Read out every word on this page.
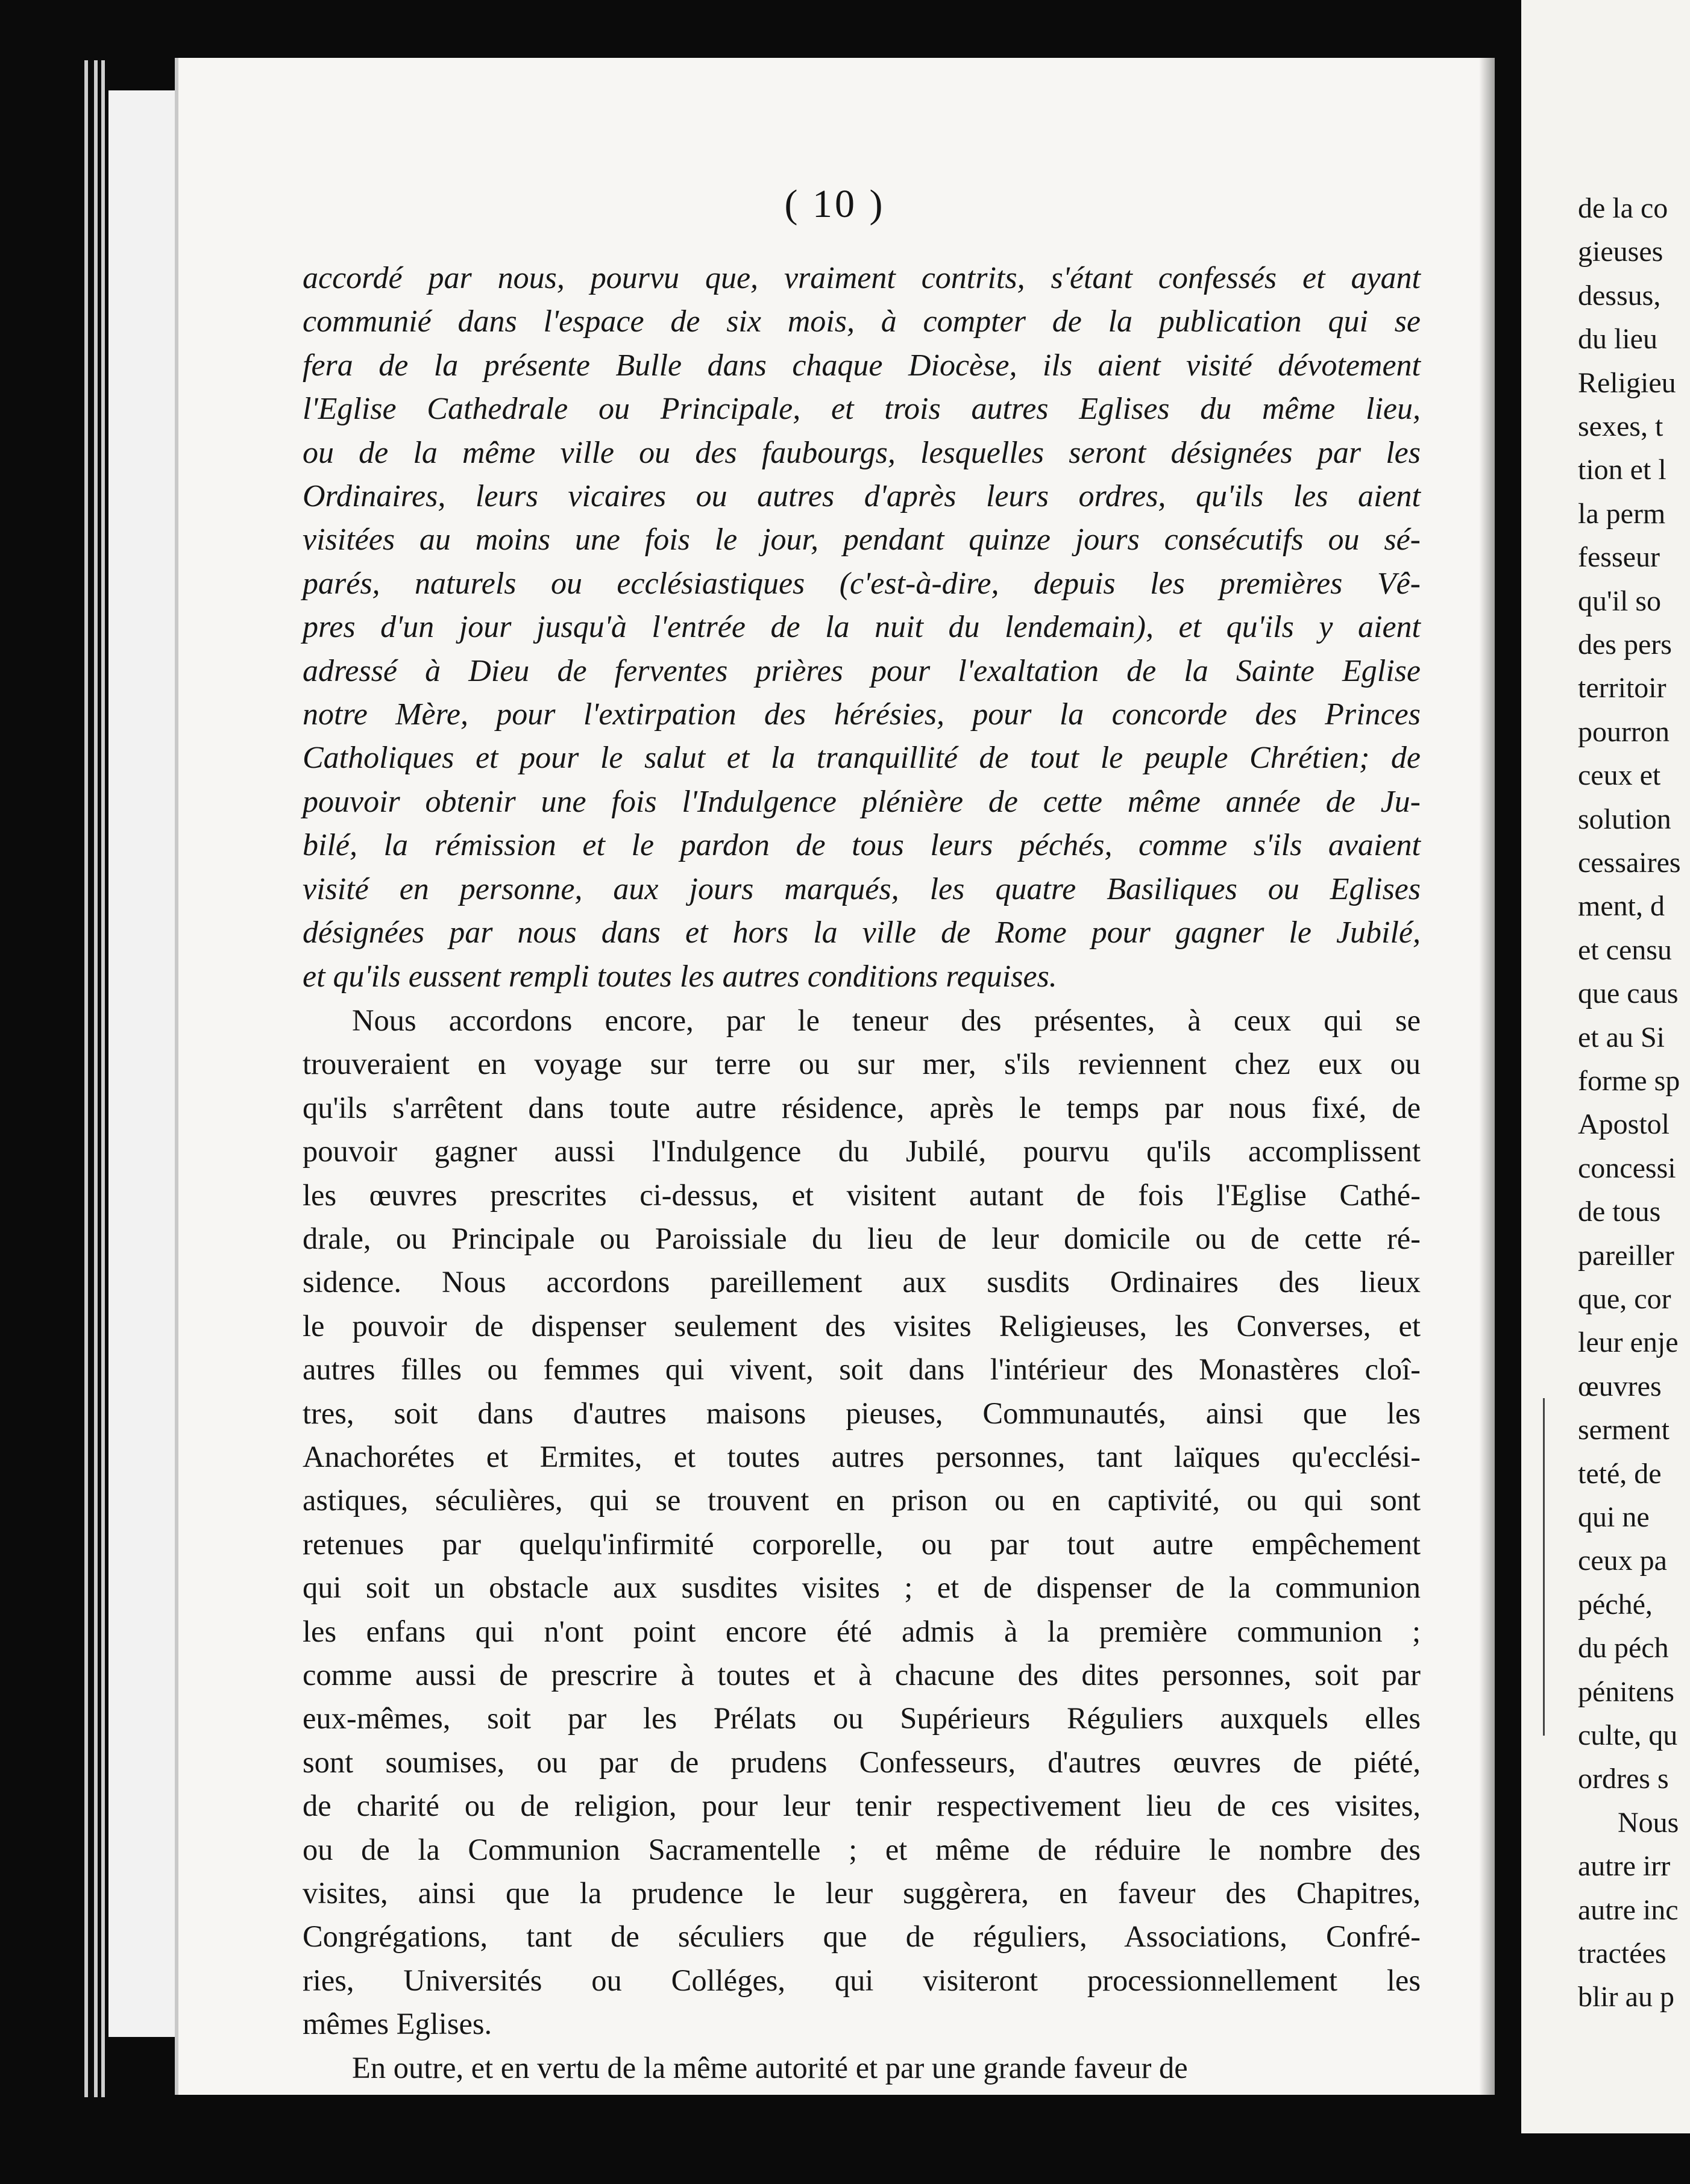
( 10 )
accordé par nous, pourvu que, vraiment contrits, s'étant confessés et ayant
communié dans l'espace de six mois, à compter de la publication qui se
fera de la présente Bulle dans chaque Diocèse, ils aient visité dévotement
l'Eglise Cathedrale ou Principale, et trois autres Eglises du même lieu,
ou de la même ville ou des faubourgs, lesquelles seront désignées par les
Ordinaires, leurs vicaires ou autres d'après leurs ordres, qu'ils les aient
visitées au moins une fois le jour, pendant quinze jours consécutifs ou sé-
parés, naturels ou ecclésiastiques (c'est-à-dire, depuis les premières Vê-
pres d'un jour jusqu'à l'entrée de la nuit du lendemain), et qu'ils y aient
adressé à Dieu de ferventes prières pour l'exaltation de la Sainte Eglise
notre Mère, pour l'extirpation des hérésies, pour la concorde des Princes
Catholiques et pour le salut et la tranquillité de tout le peuple Chrétien; de
pouvoir obtenir une fois l'Indulgence plénière de cette même année de Ju-
bilé, la rémission et le pardon de tous leurs péchés, comme s'ils avaient
visité en personne, aux jours marqués, les quatre Basiliques ou Eglises
désignées par nous dans et hors la ville de Rome pour gagner le Jubilé,
et qu'ils eussent rempli toutes les autres conditions requises.
Nous accordons encore, par le teneur des présentes, à ceux qui se
trouveraient en voyage sur terre ou sur mer, s'ils reviennent chez eux ou
qu'ils s'arrêtent dans toute autre résidence, après le temps par nous fixé, de
pouvoir gagner aussi l'Indulgence du Jubilé, pourvu qu'ils accomplissent
les œuvres prescrites ci-dessus, et visitent autant de fois l'Eglise Cathé-
drale, ou Principale ou Paroissiale du lieu de leur domicile ou de cette ré-
sidence. Nous accordons pareillement aux susdits Ordinaires des lieux
le pouvoir de dispenser seulement des visites Religieuses, les Converses, et
autres filles ou femmes qui vivent, soit dans l'intérieur des Monastères cloî-
tres, soit dans d'autres maisons pieuses, Communautés, ainsi que les
Anachorétes et Ermites, et toutes autres personnes, tant laïques qu'ecclési-
astiques, séculières, qui se trouvent en prison ou en captivité, ou qui sont
retenues par quelqu'infirmité corporelle, ou par tout autre empêchement
qui soit un obstacle aux susdites visites ; et de dispenser de la communion
les enfans qui n'ont point encore été admis à la première communion ;
comme aussi de prescrire à toutes et à chacune des dites personnes, soit par
eux-mêmes, soit par les Prélats ou Supérieurs Réguliers auxquels elles
sont soumises, ou par de prudens Confesseurs, d'autres œuvres de piété,
de charité ou de religion, pour leur tenir respectivement lieu de ces visites,
ou de la Communion Sacramentelle ; et même de réduire le nombre des
visites, ainsi que la prudence le leur suggèrera, en faveur des Chapitres,
Congrégations, tant de séculiers que de réguliers, Associations, Confré-
ries, Universités ou Colléges, qui visiteront processionnellement les
mêmes Eglises.
En outre, et en vertu de la même autorité et par une grande faveur de
de la co
gieuses
dessus,
du lieu
Religieu
sexes, t
tion et l
la perm
fesseur
qu'il so
des pers
territoir
pourron
ceux et
solution
cessaires
ment, d
et censu
que caus
et au Si
forme sp
Apostol
concessi
de tous
pareiller
que, cor
leur enje
œuvres
serment
teté, de
qui ne
ceux pa
péché,
du péch
pénitens
culte, qu
ordres s
Nous
autre irr
autre inc
tractées
blir au p
